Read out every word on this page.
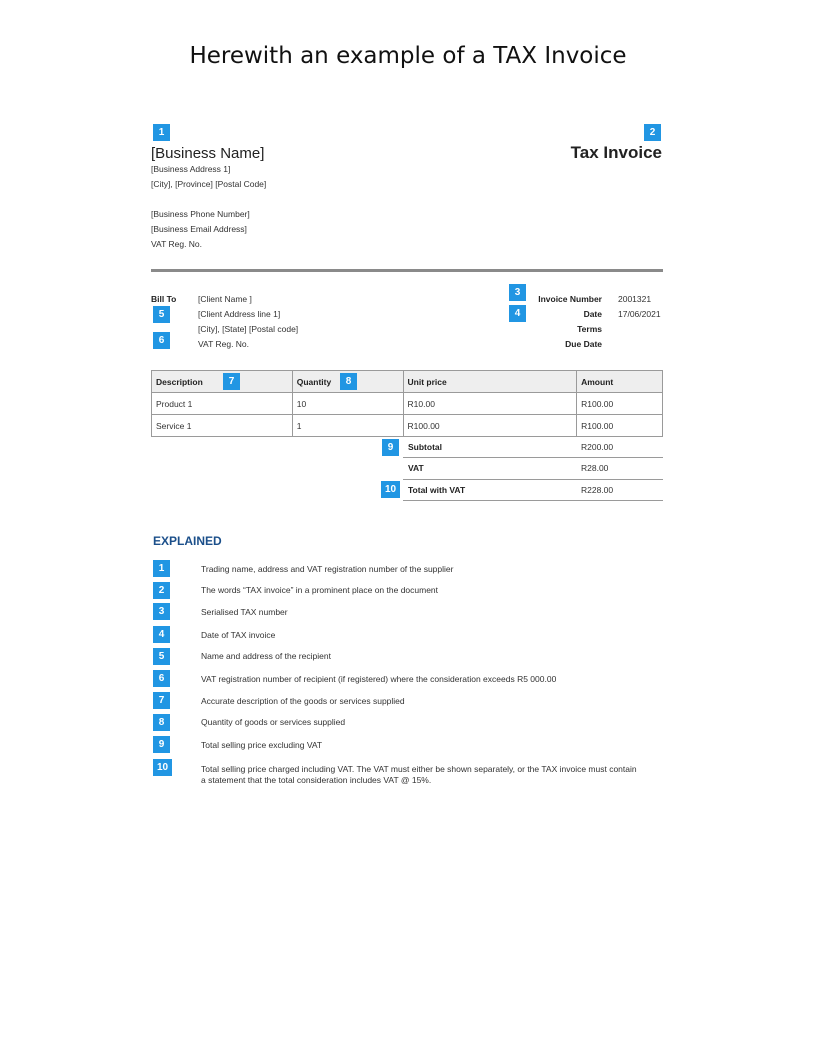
Herewith an example of a TAX Invoice
1
[Business Name]
[Business Address 1]
[City], [Province] [Postal Code]
[Business Phone Number]
[Business Email Address]
VAT Reg. No.
2
Tax Invoice
Bill To	[Client Name ]
5	[Client Address line 1]
[City], [State] [Postal code]
6	VAT Reg. No.
3
Invoice Number 2001321
4	Date 17/06/2021
Terms
Due Date
Description	Quantity	Unit price	Amount
Product 1	10	R10.00	R100.00
Service 1	1	R100.00	R100.00
7	8
9	Subtotal	R200.00
VAT	R28.00
10	Total with VAT	R228.00
EXPLAINED
1	Trading name, address and VAT registration number of the supplier
2	The words “TAX invoice” in a prominent place on the document
3	Serialised TAX number
4	Date of TAX invoice
5	Name and address of the recipient
6	VAT registration number of recipient (if registered) where the consideration exceeds R5 000.00
7	Accurate description of the goods or services supplied
8	Quantity of goods or services supplied
9	Total selling price excluding VAT
10	Total selling price charged including VAT. The VAT must either be shown separately, or the TAX invoice must contain a statement that the total consideration includes VAT @ 15%.
